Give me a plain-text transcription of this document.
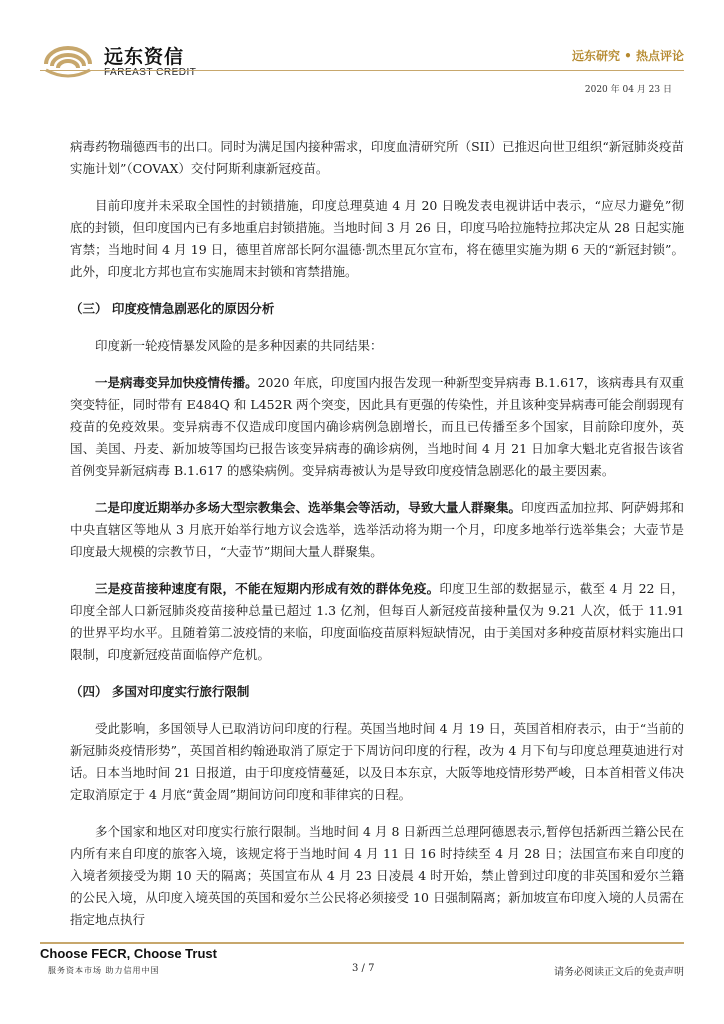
远东资信
FAREAST CREDIT
远东研究 • 热点评论
2020 年 04 月 23 日

病毒药物瑞德西韦的出口。同时为满足国内接种需求，印度血清研究所（SII）已推迟向世卫组织“新冠肺炎疫苗实施计划”（COVAX）交付阿斯利康新冠疫苗。

目前印度并未采取全国性的封锁措施，印度总理莫迪 4 月 20 日晚发表电视讲话中表示，“应尽力避免”彻底的封锁，但印度国内已有多地重启封锁措施。当地时间 3 月 26 日，印度马哈拉施特拉邦决定从 28 日起实施宵禁；当地时间 4 月 19 日，德里首席部长阿尔温德·凯杰里瓦尔宣布，将在德里实施为期 6 天的“新冠封锁”。此外，印度北方邦也宣布实施周末封锁和宵禁措施。

（三） 印度疫情急剧恶化的原因分析

印度新一轮疫情暴发风险的是多种因素的共同结果：

一是病毒变异加快疫情传播。2020 年底，印度国内报告发现一种新型变异病毒 B.1.617，该病毒具有双重突变特征，同时带有 E484Q 和 L452R 两个突变，因此具有更强的传染性，并且该种变异病毒可能会削弱现有疫苗的免疫效果。变异病毒不仅造成印度国内确诊病例急剧增长，而且已传播至多个国家，目前除印度外，英国、美国、丹麦、新加坡等国均已报告该变异病毒的确诊病例，当地时间 4 月 21 日加拿大魁北克省报告该省首例变异新冠病毒 B.1.617 的感染病例。变异病毒被认为是导致印度疫情急剧恶化的最主要因素。

二是印度近期举办多场大型宗教集会、选举集会等活动，导致大量人群聚集。印度西孟加拉邦、阿萨姆邦和中央直辖区等地从 3 月底开始举行地方议会选举，选举活动将为期一个月，印度多地举行选举集会；大壶节是印度最大规模的宗教节日，“大壶节”期间大量人群聚集。

三是疫苗接种速度有限，不能在短期内形成有效的群体免疫。印度卫生部的数据显示，截至 4 月 22 日，印度全部人口新冠肺炎疫苗接种总量已超过 1.3 亿剂，但每百人新冠疫苗接种量仅为 9.21 人次，低于 11.91 的世界平均水平。且随着第二波疫情的来临，印度面临疫苗原料短缺情况，由于美国对多种疫苗原材料实施出口限制，印度新冠疫苗面临停产危机。

（四） 多国对印度实行旅行限制

受此影响，多国领导人已取消访问印度的行程。英国当地时间 4 月 19 日，英国首相府表示，由于“当前的新冠肺炎疫情形势”，英国首相约翰逊取消了原定于下周访问印度的行程，改为 4 月下旬与印度总理莫迪进行对话。日本当地时间 21 日报道，由于印度疫情蔓延，以及日本东京，大阪等地疫情形势严峻，日本首相菅义伟决定取消原定于 4 月底“黄金周”期间访问印度和菲律宾的日程。

多个国家和地区对印度实行旅行限制。当地时间 4 月 8 日新西兰总理阿德恩表示,暂停包括新西兰籍公民在内所有来自印度的旅客入境，该规定将于当地时间 4 月 11 日 16 时持续至 4 月 28 日；法国宣布来自印度的入境者须接受为期 10 天的隔离；英国宣布从 4 月 23 日凌晨 4 时开始，禁止曾到过印度的非英国和爱尔兰籍的公民入境，从印度入境英国的英国和爱尔兰公民将必须接受 10 日强制隔离；新加坡宣布印度入境的人员需在指定地点执行

Choose FECR, Choose Trust
服务资本市场 助力信用中国	3 / 7	请务必阅读正文后的免责声明
